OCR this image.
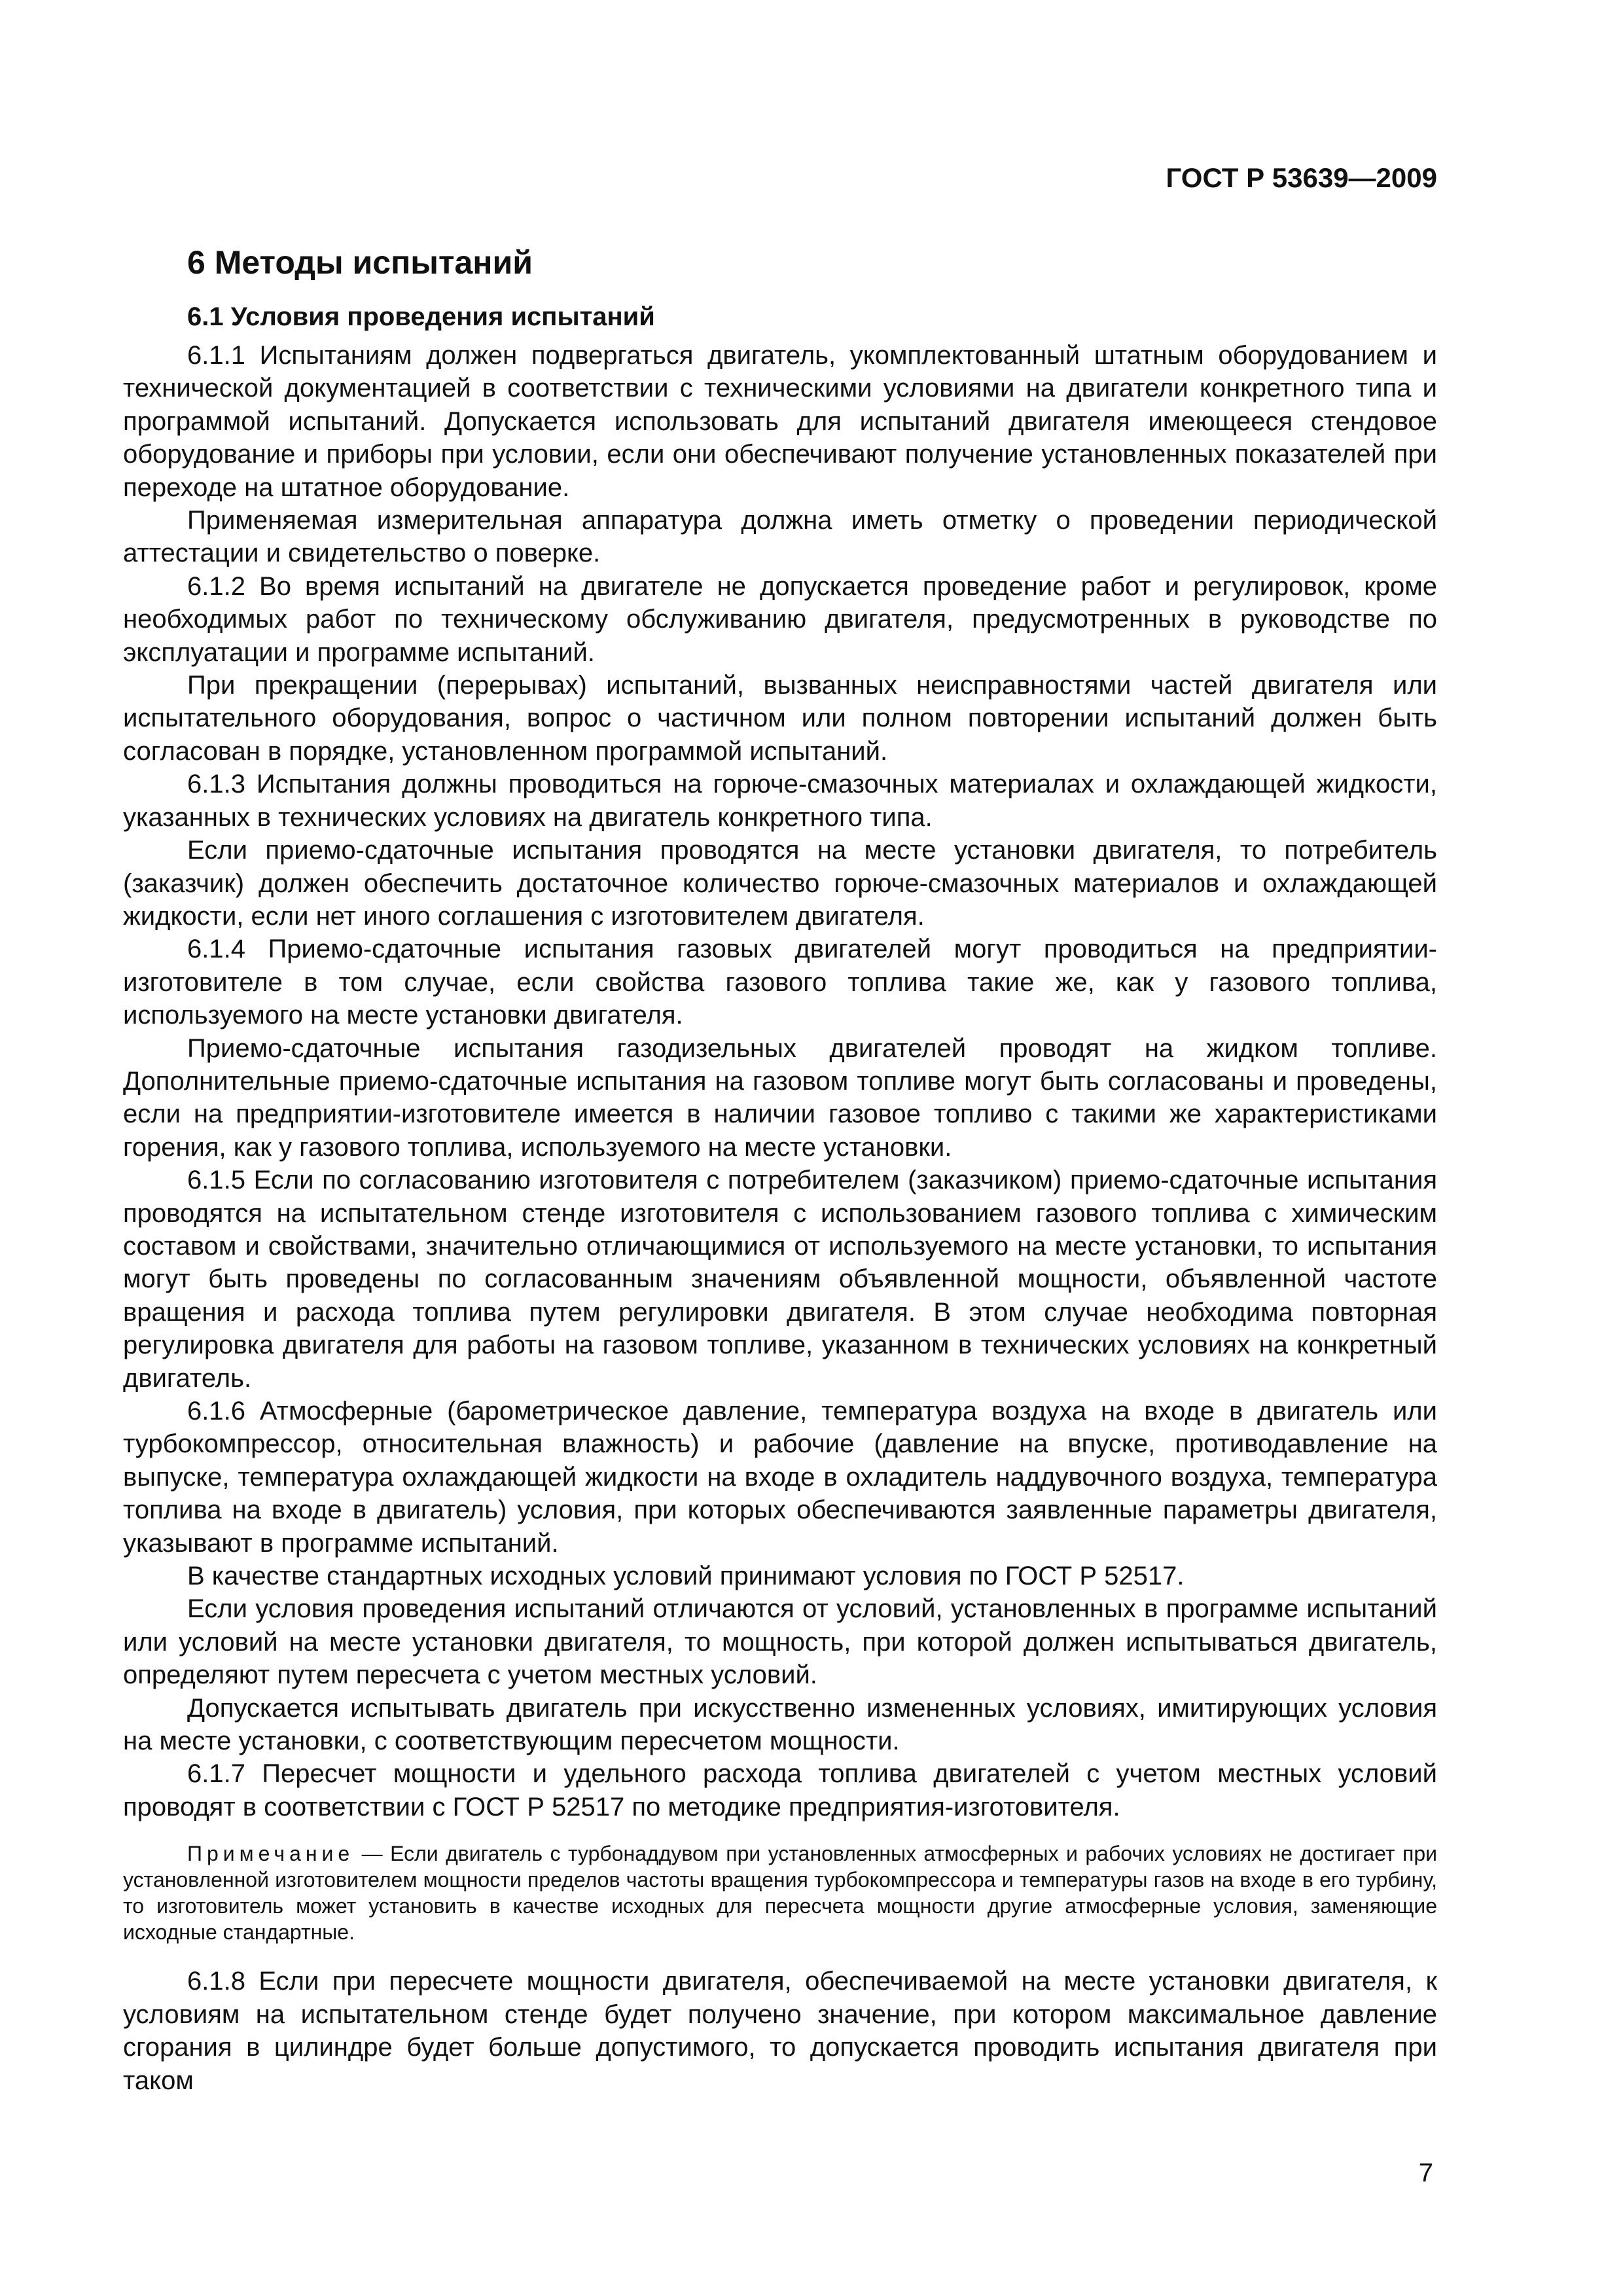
ГОСТ Р 53639—2009
6 Методы испытаний
6.1 Условия проведения испытаний

6.1.1 Испытаниям должен подвергаться двигатель, укомплектованный штатным оборудованием и технической документацией в соответствии с техническими условиями на двигатели конкретного типа и программой испытаний. Допускается использовать для испытаний двигателя имеющееся стендовое оборудование и приборы при условии, если они обеспечивают получение установленных показателей при переходе на штатное оборудование.

Применяемая измерительная аппаратура должна иметь отметку о проведении периодической аттестации и свидетельство о поверке.

6.1.2 Во время испытаний на двигателе не допускается проведение работ и регулировок, кроме необходимых работ по техническому обслуживанию двигателя, предусмотренных в руководстве по эксплуатации и программе испытаний.

При прекращении (перерывах) испытаний, вызванных неисправностями частей двигателя или испытательного оборудования, вопрос о частичном или полном повторении испытаний должен быть согласован в порядке, установленном программой испытаний.

6.1.3 Испытания должны проводиться на горюче-смазочных материалах и охлаждающей жидкости, указанных в технических условиях на двигатель конкретного типа.

Если приемо-сдаточные испытания проводятся на месте установки двигателя, то потребитель (заказчик) должен обеспечить достаточное количество горюче-смазочных материалов и охлаждающей жидкости, если нет иного соглашения с изготовителем двигателя.

6.1.4 Приемо-сдаточные испытания газовых двигателей могут проводиться на предприятии-изготовителе в том случае, если свойства газового топлива такие же, как у газового топлива, используемого на месте установки двигателя.

Приемо-сдаточные испытания газодизельных двигателей проводят на жидком топливе. Дополнительные приемо-сдаточные испытания на газовом топливе могут быть согласованы и проведены, если на предприятии-изготовителе имеется в наличии газовое топливо с такими же характеристиками горения, как у газового топлива, используемого на месте установки.

6.1.5 Если по согласованию изготовителя с потребителем (заказчиком) приемо-сдаточные испытания проводятся на испытательном стенде изготовителя с использованием газового топлива с химическим составом и свойствами, значительно отличающимися от используемого на месте установки, то испытания могут быть проведены по согласованным значениям объявленной мощности, объявленной частоте вращения и расхода топлива путем регулировки двигателя. В этом случае необходима повторная регулировка двигателя для работы на газовом топливе, указанном в технических условиях на конкретный двигатель.

6.1.6 Атмосферные (барометрическое давление, температура воздуха на входе в двигатель или турбокомпрессор, относительная влажность) и рабочие (давление на впуске, противодавление на выпуске, температура охлаждающей жидкости на входе в охладитель наддувочного воздуха, температура топлива на входе в двигатель) условия, при которых обеспечиваются заявленные параметры двигателя, указывают в программе испытаний.

В качестве стандартных исходных условий принимают условия по ГОСТ Р 52517.

Если условия проведения испытаний отличаются от условий, установленных в программе испытаний или условий на месте установки двигателя, то мощность, при которой должен испытываться двигатель, определяют путем пересчета с учетом местных условий.

Допускается испытывать двигатель при искусственно измененных условиях, имитирующих условия на месте установки, с соответствующим пересчетом мощности.

6.1.7 Пересчет мощности и удельного расхода топлива двигателей с учетом местных условий проводят в соответствии с ГОСТ Р 52517 по методике предприятия-изготовителя.

Примечание — Если двигатель с турбонаддувом при установленных атмосферных и рабочих условиях не достигает при установленной изготовителем мощности пределов частоты вращения турбокомпрессора и температуры газов на входе в его турбину, то изготовитель может установить в качестве исходных для пересчета мощности другие атмосферные условия, заменяющие исходные стандартные.

6.1.8 Если при пересчете мощности двигателя, обеспечиваемой на месте установки двигателя, к условиям на испытательном стенде будет получено значение, при котором максимальное давление сгорания в цилиндре будет больше допустимого, то допускается проводить испытания двигателя при таком

7
